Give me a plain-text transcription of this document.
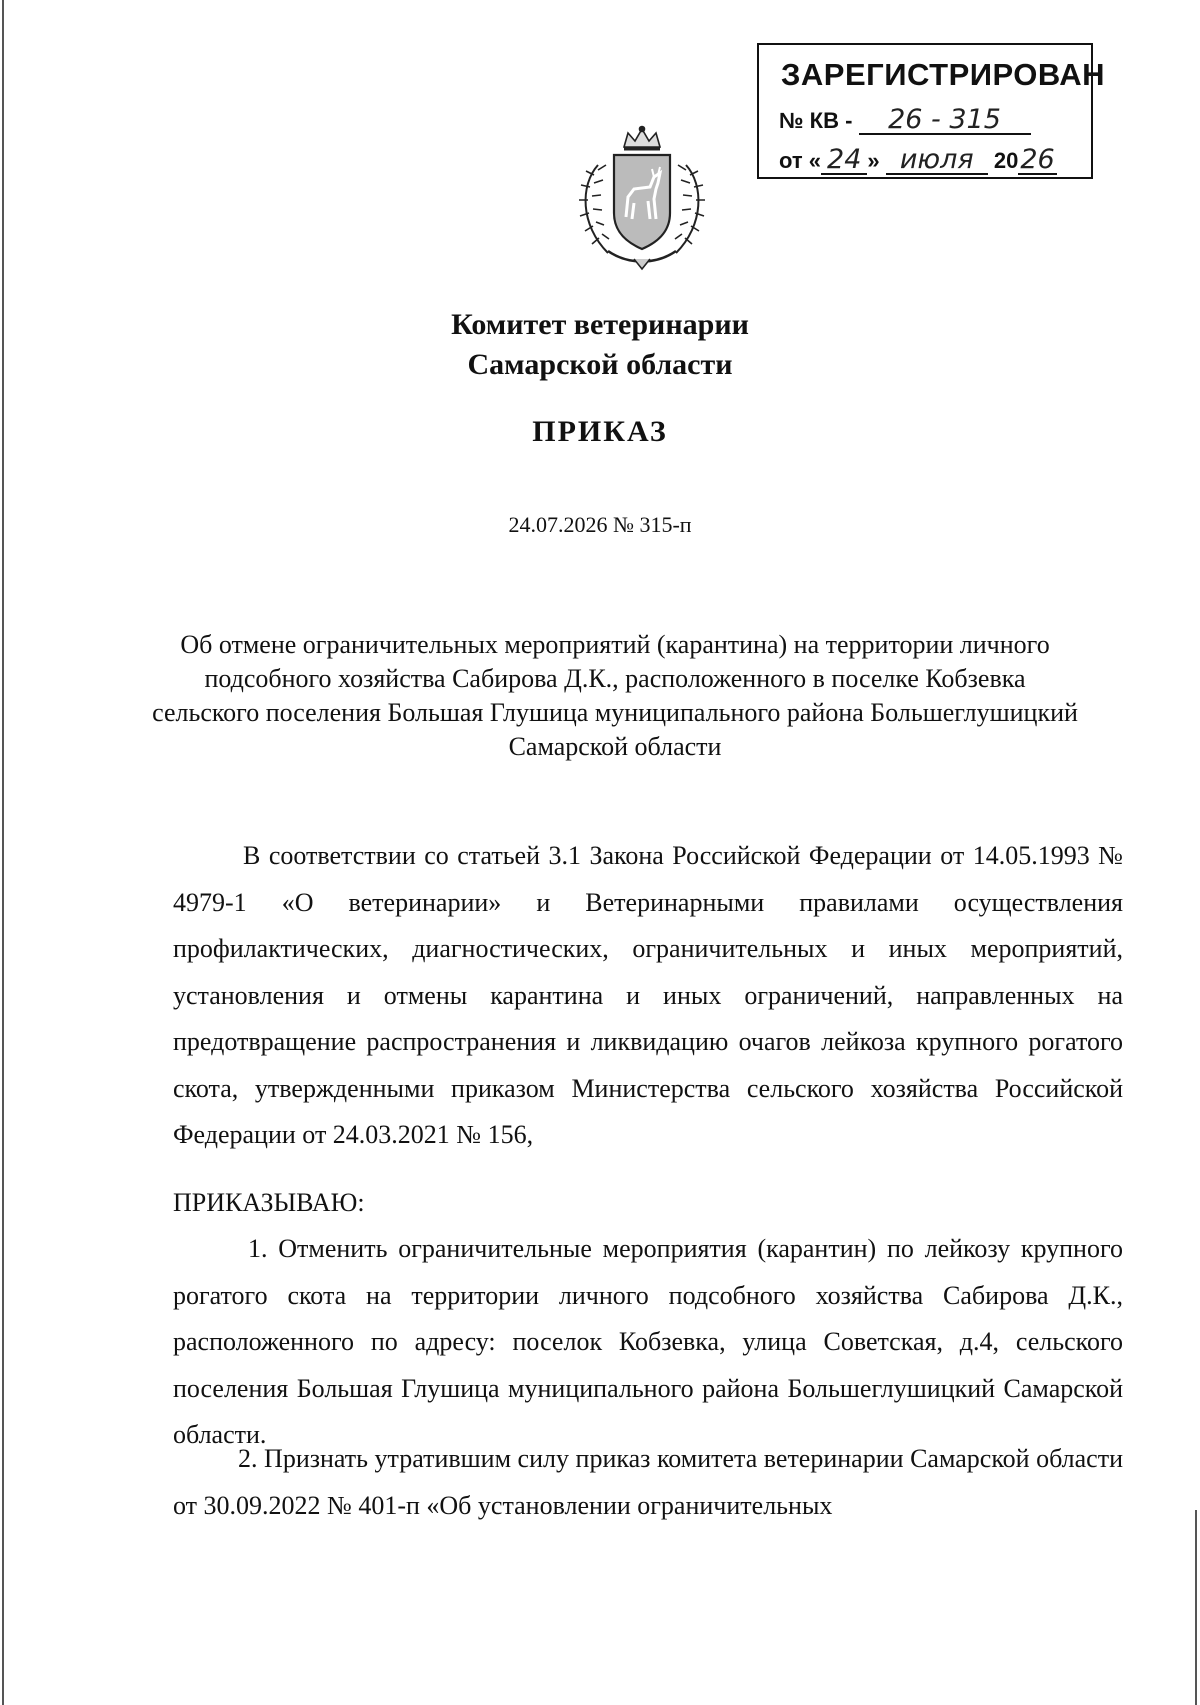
ЗАРЕГИСТРИРОВАН
№ КВ - 26 - 315
от « 24 » июля 2026
Комитет ветеринарии
Самарской области
ПРИКАЗ
24.07.2026 № 315-п
Об отмене ограничительных мероприятий (карантина) на территории личного подсобного хозяйства Сабирова Д.К., расположенного в поселке Кобзевка сельского поселения Большая Глушица муниципального района Большеглушицкий Самарской области
В соответствии со статьей 3.1 Закона Российской Федерации от 14.05.1993 № 4979-1 «О ветеринарии» и Ветеринарными правилами осуществления профилактических, диагностических, ограничительных и иных мероприятий, установления и отмены карантина и иных ограничений, направленных на предотвращение распространения и ликвидацию очагов лейкоза крупного рогатого скота, утвержденными приказом Министерства сельского хозяйства Российской Федерации от 24.03.2021 № 156,
ПРИКАЗЫВАЮ:
1. Отменить ограничительные мероприятия (карантин) по лейкозу крупного рогатого скота на территории личного подсобного хозяйства Сабирова Д.К., расположенного по адресу: поселок Кобзевка, улица Советская, д.4, сельского поселения Большая Глушица муниципального района Большеглушицкий Самарской области.
2. Признать утратившим силу приказ комитета ветеринарии Самарской области от 30.09.2022 № 401-п «Об установлении ограничительных
